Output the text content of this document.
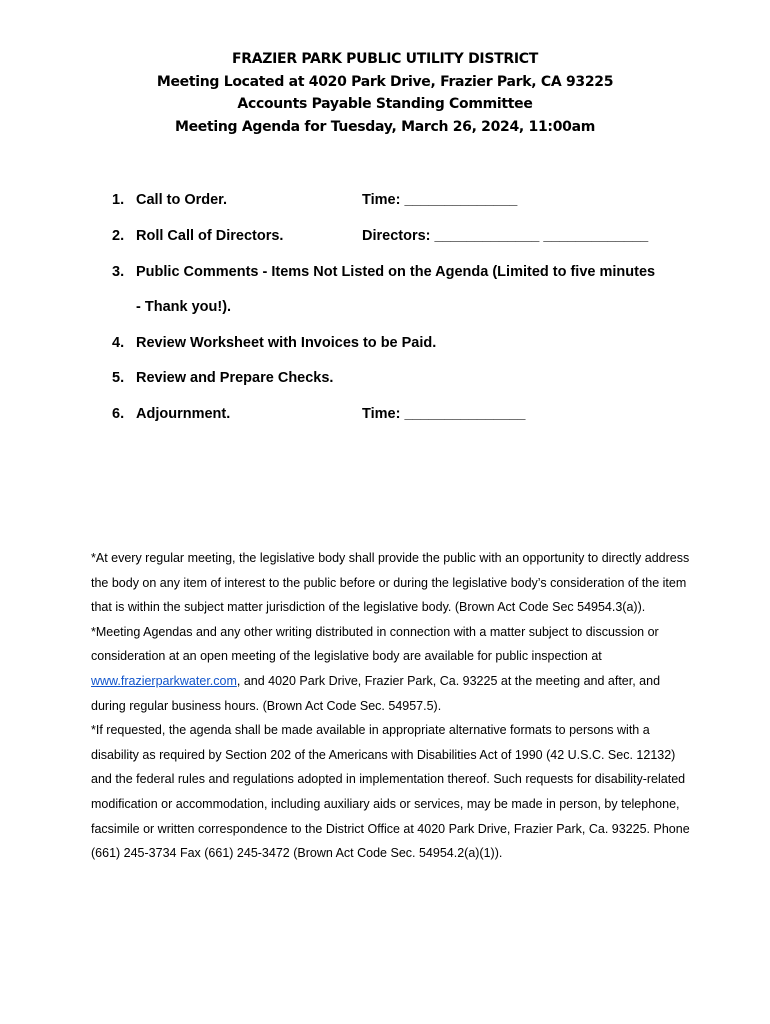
FRAZIER PARK PUBLIC UTILITY DISTRICT
Meeting Located at 4020 Park Drive, Frazier Park, CA 93225
Accounts Payable Standing Committee
Meeting Agenda for Tuesday, March 26, 2024, 11:00am
1. Call to Order.	Time: ______________
2. Roll Call of Directors.	Directors: _____________ _____________
3. Public Comments - Items Not Listed on the Agenda (Limited to five minutes
- Thank you!).
4. Review Worksheet with Invoices to be Paid.
5. Review and Prepare Checks.
6. Adjournment.	Time: _______________

*At every regular meeting, the legislative body shall provide the public with an opportunity to directly address the body on any item of interest to the public before or during the legislative body’s consideration of the item that is within the subject matter jurisdiction of the legislative body. (Brown Act Code Sec 54954.3(a)).

*Meeting Agendas and any other writing distributed in connection with a matter subject to discussion or consideration at an open meeting of the legislative body are available for public inspection at www.frazierparkwater.com, and 4020 Park Drive, Frazier Park, Ca. 93225 at the meeting and after, and during regular business hours. (Brown Act Code Sec. 54957.5).

*If requested, the agenda shall be made available in appropriate alternative formats to persons with a disability as required by Section 202 of the Americans with Disabilities Act of 1990 (42 U.S.C. Sec. 12132) and the federal rules and regulations adopted in implementation thereof. Such requests for disability-related modification or accommodation, including auxiliary aids or services, may be made in person, by telephone, facsimile or written correspondence to the District Office at 4020 Park Drive, Frazier Park, Ca. 93225. Phone (661) 245-3734 Fax (661) 245-3472 (Brown Act Code Sec. 54954.2(a)(1)).
